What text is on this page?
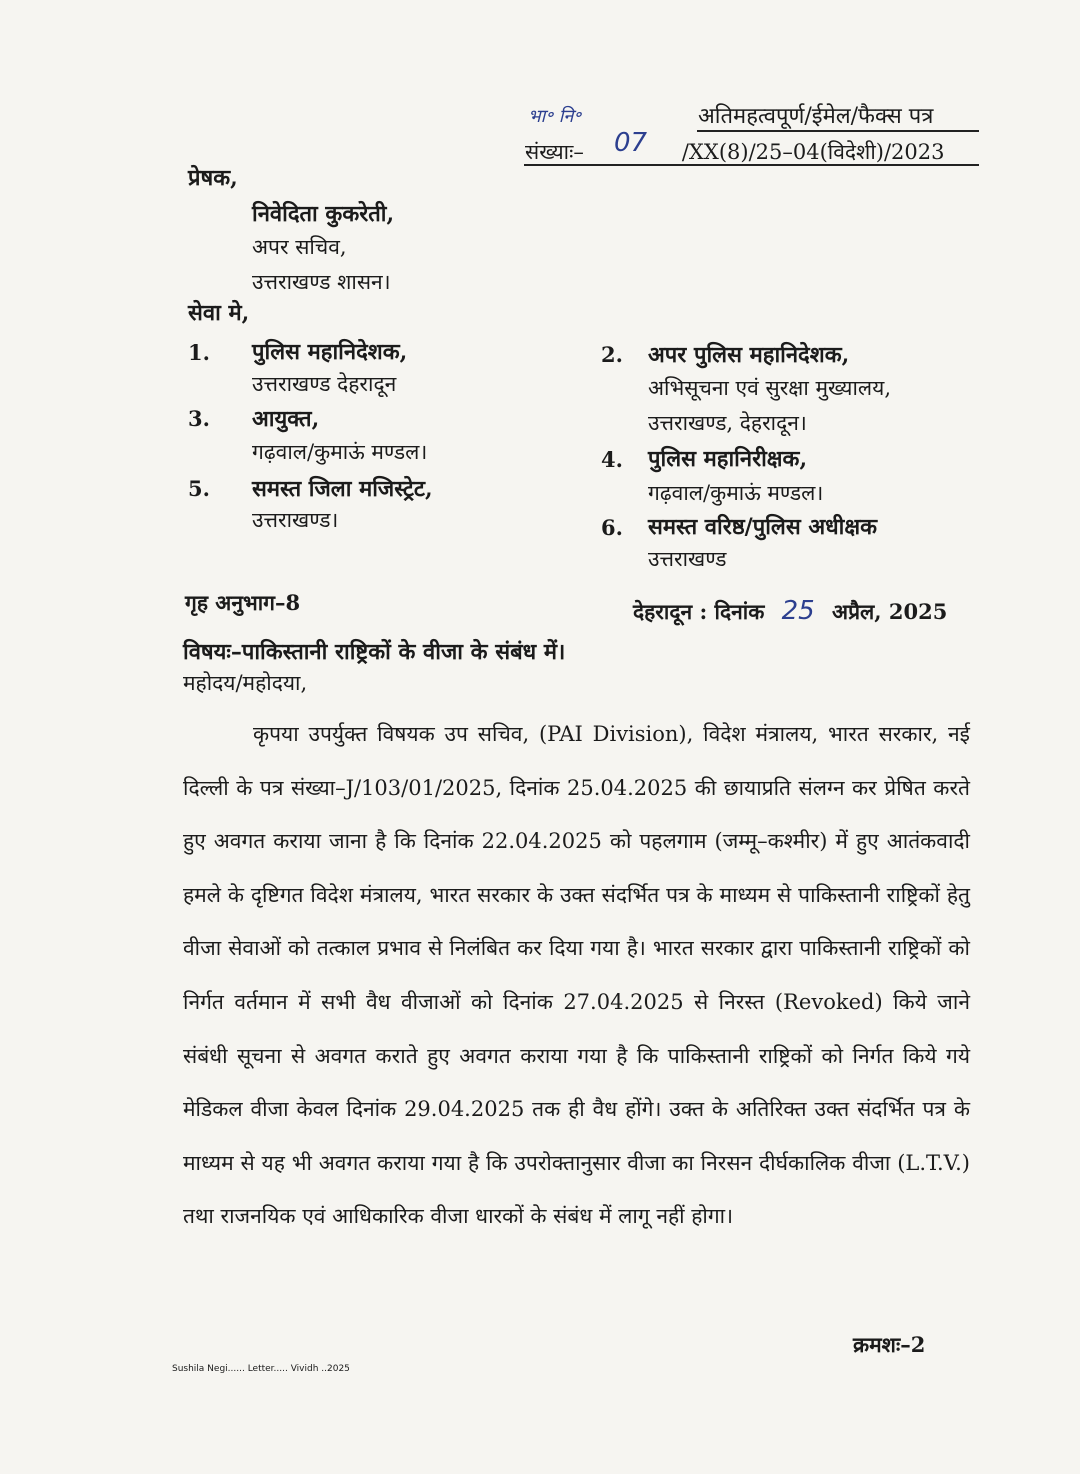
भा॰ नि॰	अतिमहत्वपूर्ण/ईमेल/फैक्स पत्र
संख्याः–	/XX(8)/25–04(विदेशी)/2023
07
प्रेषक,
निवेदिता कुकरेती,
अपर सचिव,
उत्तराखण्ड शासन।
सेवा मे,
1. पुलिस महानिदेशक,
उत्तराखण्ड देहरादून
2. अपर पुलिस महानिदेशक,
अभिसूचना एवं सुरक्षा मुख्यालय,
उत्तराखण्ड, देहरादून।
3. आयुक्त,
गढ़वाल/कुमाऊं मण्डल।	4. पुलिस महानिरीक्षक,
गढ़वाल/कुमाऊं मण्डल।
5. समस्त जिला मजिस्ट्रेट,
उत्तराखण्ड।	6. समस्त वरिष्ठ/पुलिस अधीक्षक
उत्तराखण्ड
गृह अनुभाग–8	देहरादून : दिनांक 25 अप्रैल, 2025
विषयः–पाकिस्तानी राष्ट्रिकों के वीजा के संबंध में।
महोदय/महोदया,

कृपया उपर्युक्त विषयक उप सचिव, (PAI Division), विदेश मंत्रालय, भारत सरकार, नई दिल्ली के पत्र संख्या–J/103/01/2025, दिनांक 25.04.2025 की छायाप्रति संलग्न कर प्रेषित करते हुए अवगत कराया जाना है कि दिनांक 22.04.2025 को पहलगाम (जम्मू–कश्मीर) में हुए आतंकवादी हमले के दृष्टिगत विदेश मंत्रालय, भारत सरकार के उक्त संदर्भित पत्र के माध्यम से पाकिस्तानी राष्ट्रिकों हेतु वीजा सेवाओं को तत्काल प्रभाव से निलंबित कर दिया गया है। भारत सरकार द्वारा पाकिस्तानी राष्ट्रिकों को निर्गत वर्तमान में सभी वैध वीजाओं को दिनांक 27.04.2025 से निरस्त (Revoked) किये जाने संबंधी सूचना से अवगत कराते हुए अवगत कराया गया है कि पाकिस्तानी राष्ट्रिकों को निर्गत किये गये मेडिकल वीजा केवल दिनांक 29.04.2025 तक ही वैध होंगे। उक्त के अतिरिक्त उक्त संदर्भित पत्र के माध्यम से यह भी अवगत कराया गया है कि उपरोक्तानुसार वीजा का निरसन दीर्घकालिक वीजा (L.T.V.) तथा राजनयिक एवं आधिकारिक वीजा धारकों के संबंध में लागू नहीं होगा।

क्रमशः–2
Sushila Negi...... Letter..... Vividh ..2025
